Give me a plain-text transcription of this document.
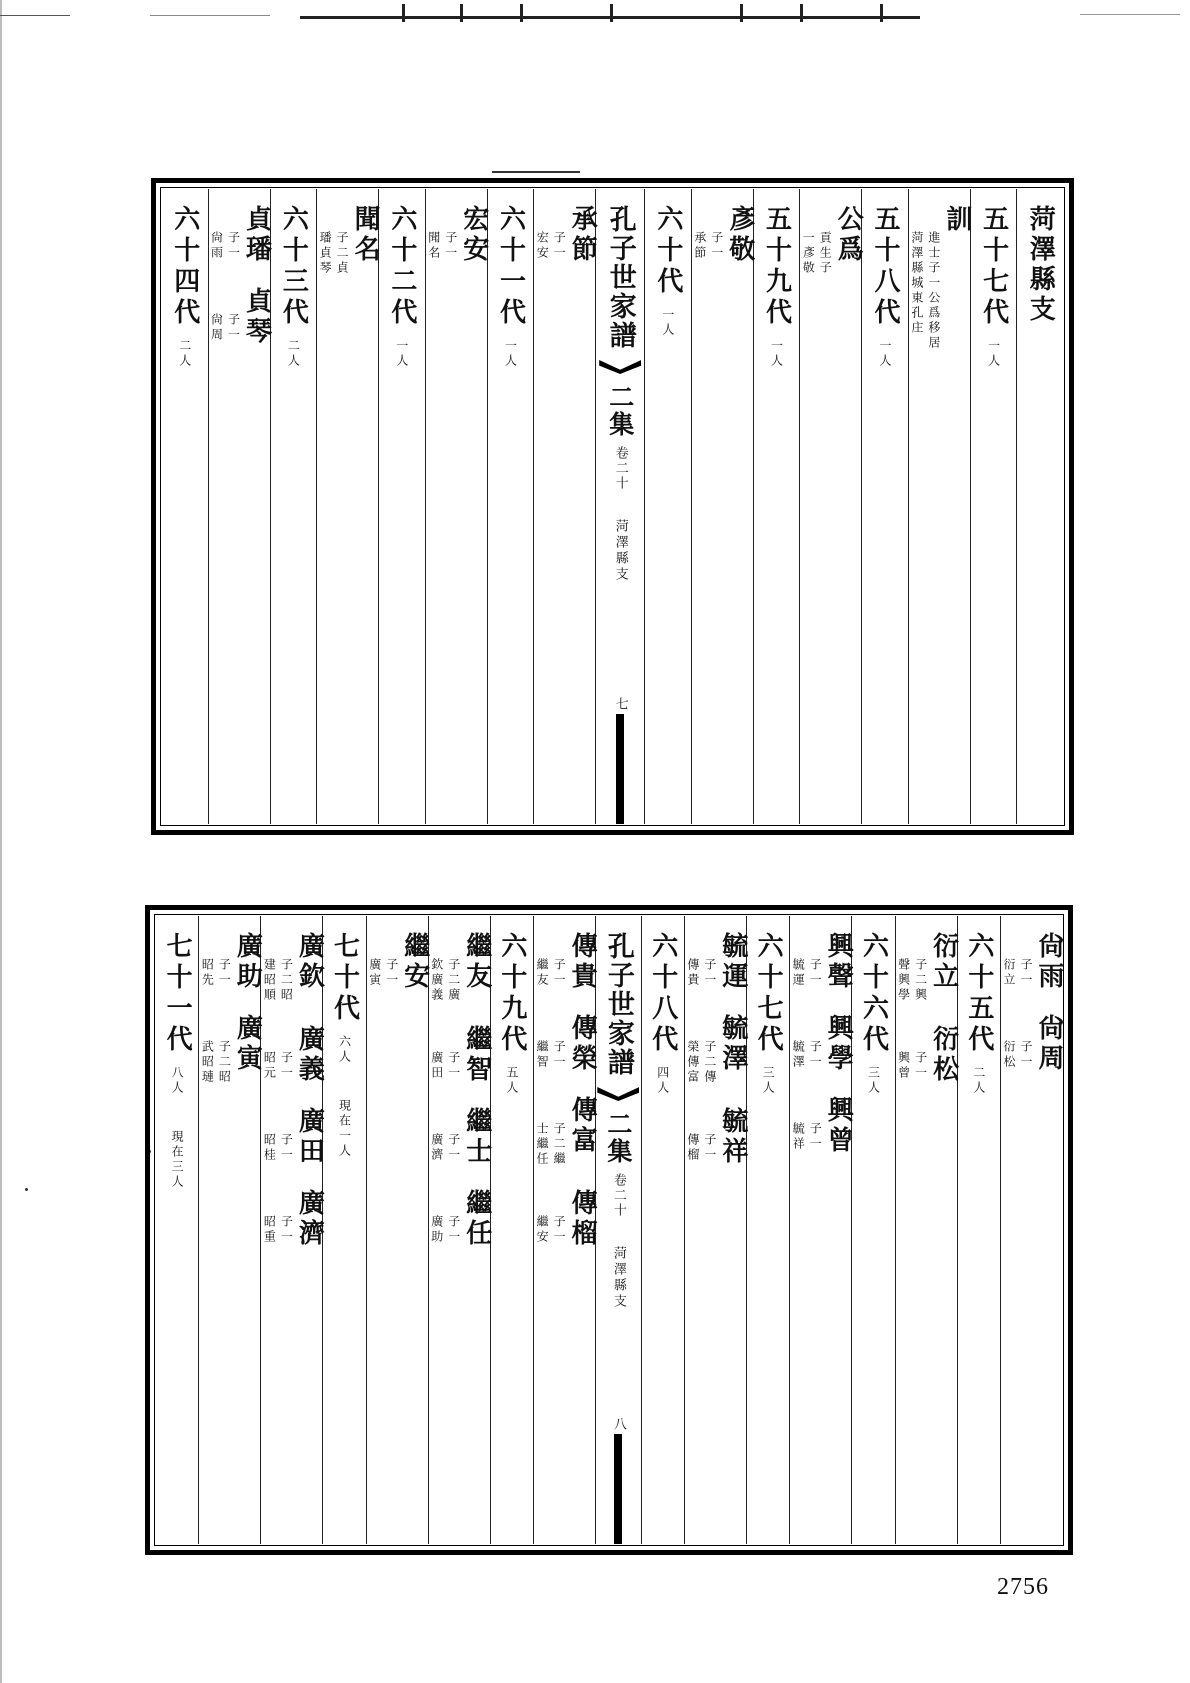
菏澤縣支
五十七代
一人
訓
進士子一公爲移居
菏澤縣城東孔庄
五十八代
一人
公爲
貢生子
一彥敬
五十九代
一人
彥敬
子一
承節
六十代
一人
孔子世家譜
二集
卷二十
菏澤縣支
七
承節
子一
宏安
六十一代
一人
宏安
子一
聞名
六十二代
一人
聞名
子二貞
璠貞琴
六十三代
二人
貞璠
子一
尙雨
貞琴
子一
尙周
六十四代
二人
尙雨
子一
衍立
尙周
子一
衍松
六十五代
二人
衍立
子二興
聲興學
衍松
子一
興曾
六十六代
三人
興聲
子一
毓運
興學
子一
毓澤
興曾
子一
毓祥
六十七代
三人
毓運
子一
傳貴
毓澤
子二傳
榮傳富
毓祥
子一
傳榴
六十八代
四人
孔子世家譜
二集
卷二十
菏澤縣支
八
傳貴
子一
繼友
傳榮
子一
繼智
傳富
子二繼
士繼任
傳榴
子一
繼安
六十九代
五人
繼友
子二廣
欽廣義
繼智
子一
廣田
繼士
子一
廣濟
繼任
子一
廣助
繼安
子一
廣寅
七十代
六人
現在一人
廣欽
子二昭
建昭順
廣義
子一
昭元
廣田
子一
昭桂
廣濟
子一
昭重
廣助
子一
昭先
廣寅
子二昭
武昭璉
七十一代
八人
現在三人
2756
